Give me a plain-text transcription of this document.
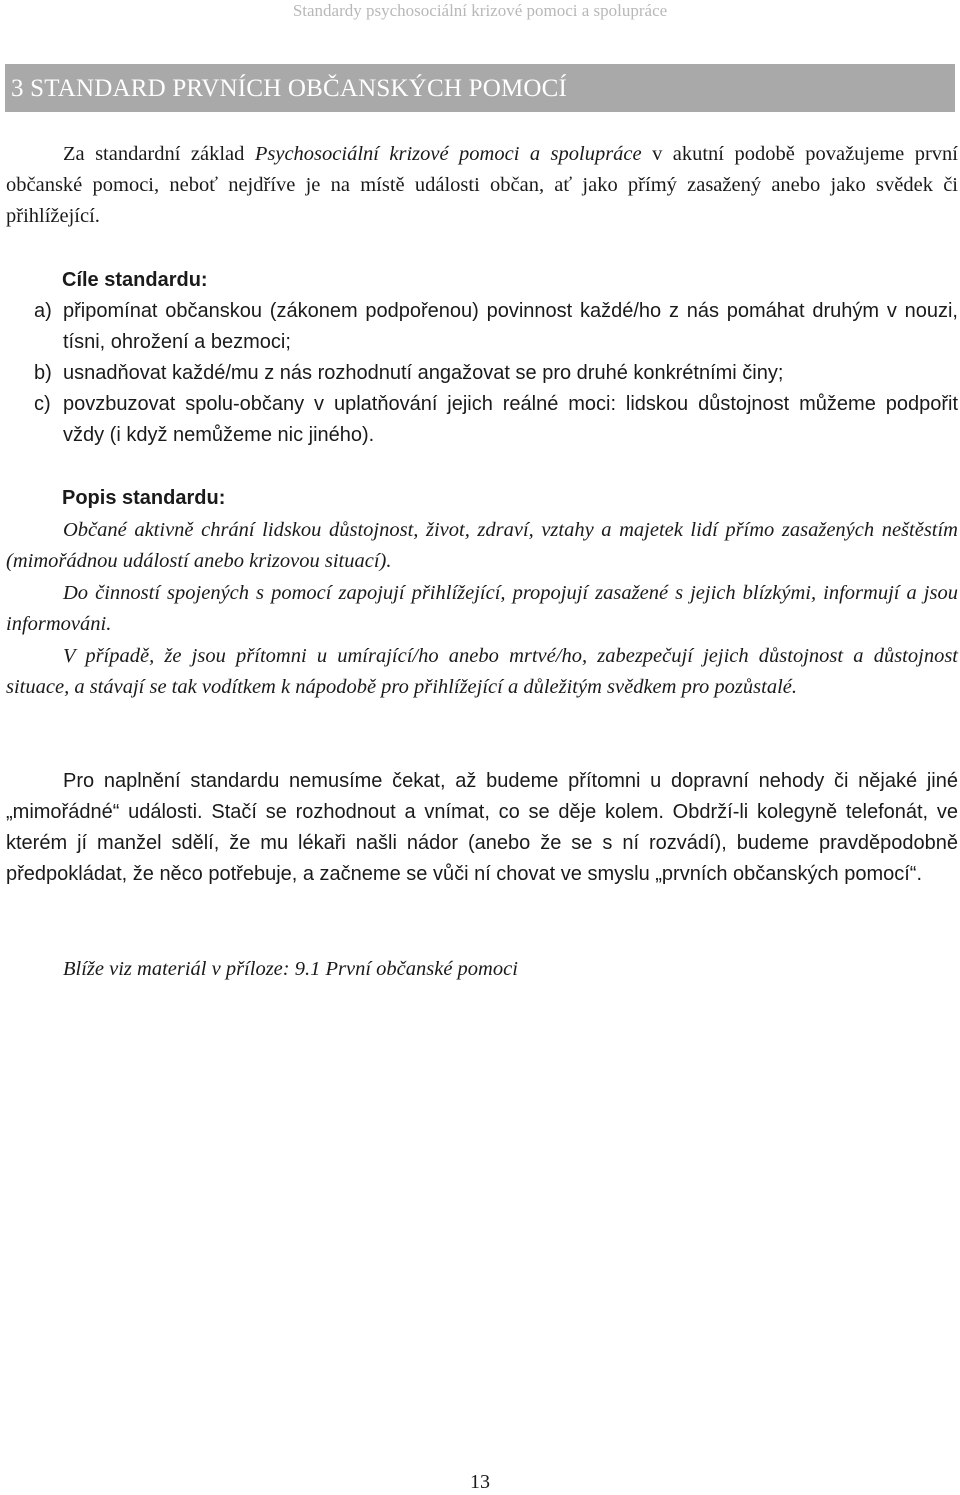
Standardy psychosociální krizové pomoci a spolupráce
3 STANDARD PRVNÍCH OBČANSKÝCH POMOCÍ
Za standardní základ Psychosociální krizové pomoci a spolupráce v akutní podobě považujeme první občanské pomoci, neboť nejdříve je na místě události občan, ať jako přímý zasažený anebo jako svědek či přihlížející.
Cíle standardu:
a) připomínat občanskou (zákonem podpořenou) povinnost každé/ho z nás pomáhat druhým v nouzi, tísni, ohrožení a bezmoci;
b) usnadňovat každé/mu z nás rozhodnutí angažovat se pro druhé konkrétními činy;
c) povzbuzovat spolu-občany v uplatňování jejich reálné moci: lidskou důstojnost můžeme podpořit vždy (i když nemůžeme nic jiného).
Popis standardu:
Občané aktivně chrání lidskou důstojnost, život, zdraví, vztahy a majetek lidí přímo zasažených neštěstím (mimořádnou událostí anebo krizovou situací).
Do činností spojených s pomocí zapojují přihlížející, propojují zasažené s jejich blízkými, informují a jsou informováni.
V případě, že jsou přítomni u umírající/ho anebo mrtvé/ho, zabezpečují jejich důstojnost a důstojnost situace, a stávají se tak vodítkem k nápodobě pro přihlížející a důležitým svědkem pro pozůstalé.
Pro naplnění standardu nemusíme čekat, až budeme přítomni u dopravní nehody či nějaké jiné „mimořádné“ události. Stačí se rozhodnout a vnímat, co se děje kolem. Obdrží-li kolegyně telefonát, ve kterém jí manžel sdělí, že mu lékaři našli nádor (anebo že se s ní rozvádí), budeme pravděpodobně předpokládat, že něco potřebuje, a začneme se vůči ní chovat ve smyslu „prvních občanských pomocí“.
Blíže viz materiál v příloze: 9.1 První občanské pomoci
13
